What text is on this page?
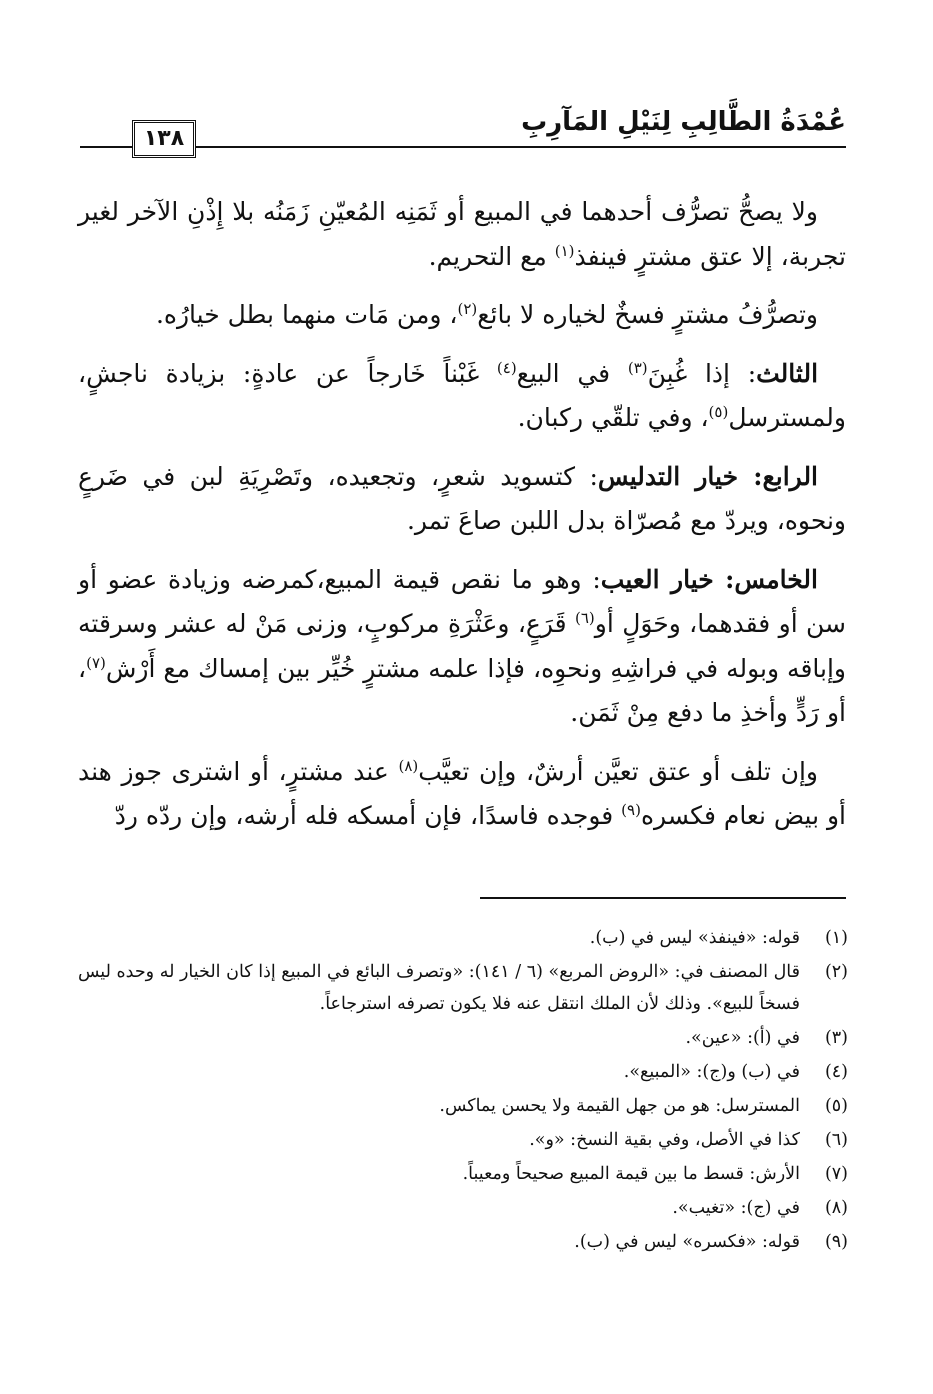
عُمْدَةُ الطَّالِبِ لِنَيْلِ المَآرِبِ
١٣٨

ولا يصحُّ تصرُّف أحدهما في المبيع أو ثَمَنِه المُعيّنِ زَمَنُه بلا إِذْنِ الآخر لغير تجربة، إلا عتق مشترٍ فينفذ$^{(١)}$ مع التحريم.

وتصرُّفُ مشترٍ فسخٌ لخياره لا بائع$^{(٢)}$، ومن مَات منهما بطل خيارُه.

الثالث: إذا غُبِنَ$^{(٣)}$ في البيع$^{(٤)}$ غَبْناً خَارجاً عن عادةٍ: بزيادة ناجشٍ، ولمسترسل$^{(٥)}$، وفي تلقّي ركبان.

الرابع: خيار التدليس: كتسويد شعرٍ، وتجعيده، وتَصْرِيَةِ لبن في ضَرعٍ ونحوه، ويردّ مع مُصرّاة بدل اللبن صاعَ تمر.

الخامس: خيار العيب: وهو ما نقص قيمة المبيع،كمرضه وزيادة عضو أو سن أو فقدهما، وحَوَلٍ أو$^{(٦)}$ قَرَعٍ، وعَثْرَةِ مركوبٍ، وزنى مَنْ له عشر وسرقته وإباقه وبوله في فراشِهِ ونحوِه، فإذا علمه مشترٍ خُيِّر بين إمساك مع أَرْش$^{(٧)}$، أو رَدٍّ وأخذِ ما دفع مِنْ ثَمَن.

وإن تلف أو عتق تعيَّن أرشٌ، وإن تعيَّب$^{(٨)}$ عند مشترٍ، أو اشترى جوز هند أو بيض نعام فكسره$^{(٩)}$ فوجده فاسدًا، فإن أمسكه فله أرشه، وإن ردّه ردّ

(١)
قوله: «فينفذ» ليس في (ب).
(٢)
قال المصنف في: «الروض المربع» (٦ / ١٤١): «وتصرف البائع في المبيع إذا كان الخيار له وحده ليس فسخاً للبيع». وذلك لأن الملك انتقل عنه فلا يكون تصرفه استرجاعاً.
(٣)
في (أ): «عين».
(٤)
في (ب) و(ج): «المبيع».
(٥)
المسترسل: هو من جهل القيمة ولا يحسن يماكس.
(٦)
كذا في الأصل، وفي بقية النسخ: «و».
(٧)
الأرش: قسط ما بين قيمة المبيع صحيحاً ومعيباً.
(٨)
في (ج): «تغيب».
(٩)
قوله: «فكسره» ليس في (ب).
